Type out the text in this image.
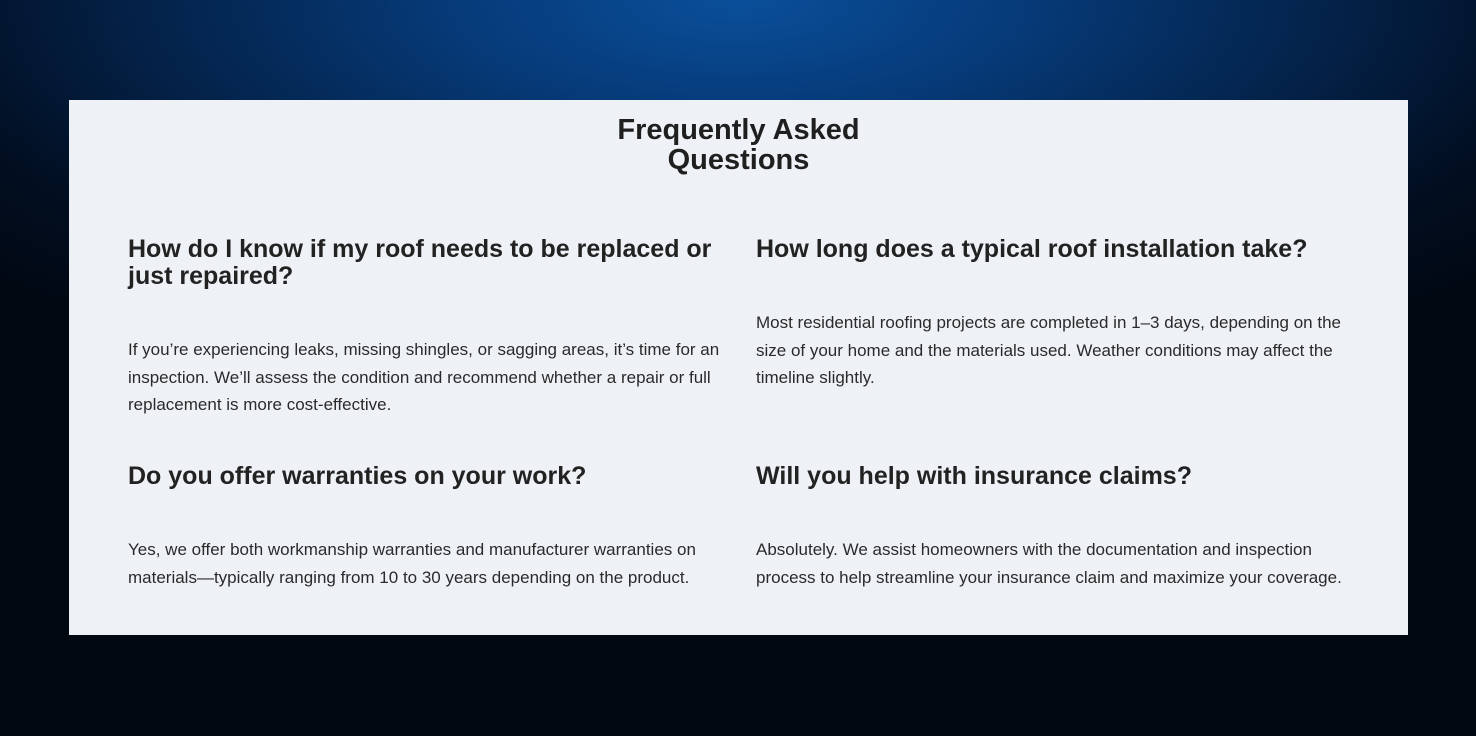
Frequently Asked
Questions
How do I know if my roof needs to be replaced or just repaired?

If you’re experiencing leaks, missing shingles, or sagging areas, it’s time for an inspection. We’ll assess the condition and recommend whether a repair or full replacement is more cost-effective.

How long does a typical roof installation take?

Most residential roofing projects are completed in 1–3 days, depending on the size of your home and the materials used. Weather conditions may affect the timeline slightly.

Do you offer warranties on your work?

Yes, we offer both workmanship warranties and manufacturer warranties on materials—typically ranging from 10 to 30 years depending on the product.

Will you help with insurance claims?

Absolutely. We assist homeowners with the documentation and inspection process to help streamline your insurance claim and maximize your coverage.
